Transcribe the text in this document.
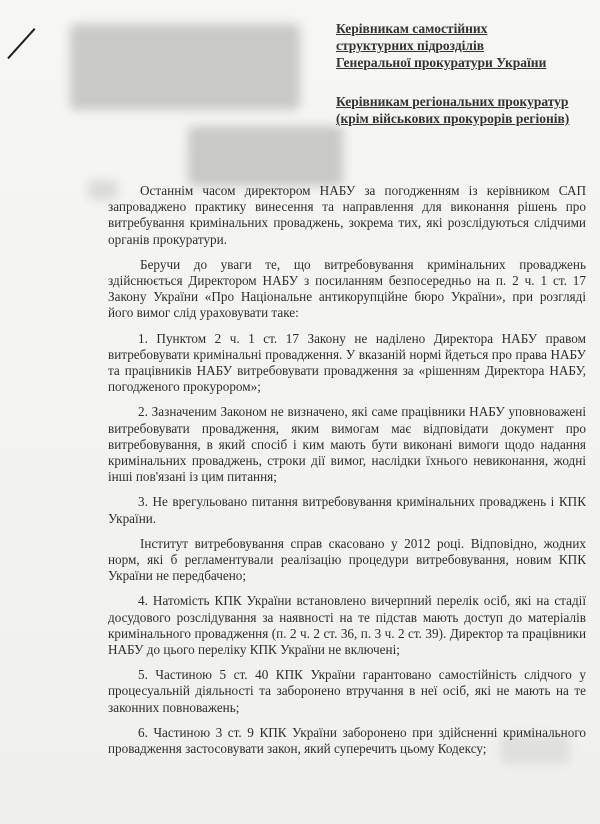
Керівникам самостійних
структурних підрозділів
Генеральної прокуратури України
Керівникам регіональних прокуратур
(крім військових прокурорів регіонів)

Останнім часом директором НАБУ за погодженням із керівником САП запроваджено практику винесення та направлення для виконання рішень про витребування кримінальних проваджень, зокрема тих, які розслідуються слідчими органів прокуратури.

Беручи до уваги те, що витребовування кримінальних проваджень здійснюється Директором НАБУ з посиланням безпосередньо на п. 2 ч. 1 ст. 17 Закону України «Про Національне антикорупційне бюро України», при розгляді його вимог слід ураховувати таке:

1. Пунктом 2 ч. 1 ст. 17 Закону не наділено Директора НАБУ правом витребовувати кримінальні провадження. У вказаній нормі йдеться про права НАБУ та працівників НАБУ витребовувати провадження за «рішенням Директора НАБУ, погодженого прокурором»;

2. Зазначеним Законом не визначено, які саме працівники НАБУ уповноважені витребовувати провадження, яким вимогам має відповідати документ про витребовування, в який спосіб і ким мають бути виконані вимоги щодо надання кримінальних проваджень, строки дії вимог, наслідки їхнього невиконання, жодні інші пов'язані із цим питання;

3. Не врегульовано питання витребовування кримінальних проваджень і КПК України.

Інститут витребовування справ скасовано у 2012 році. Відповідно, жодних норм, які б регламентували реалізацію процедури витребовування, новим КПК України не передбачено;

4. Натомість КПК України встановлено вичерпний перелік осіб, які на стадії досудового розслідування за наявності на те підстав мають доступ до матеріалів кримінального провадження (п. 2 ч. 2 ст. 36, п. 3 ч. 2 ст. 39). Директор та працівники НАБУ до цього переліку КПК України не включені;

5. Частиною 5 ст. 40 КПК України гарантовано самостійність слідчого у процесуальній діяльності та заборонено втручання в неї осіб, які не мають на те законних повноважень;

6. Частиною 3 ст. 9 КПК України заборонено при здійсненні кримінального провадження застосовувати закон, який суперечить цьому Кодексу;
